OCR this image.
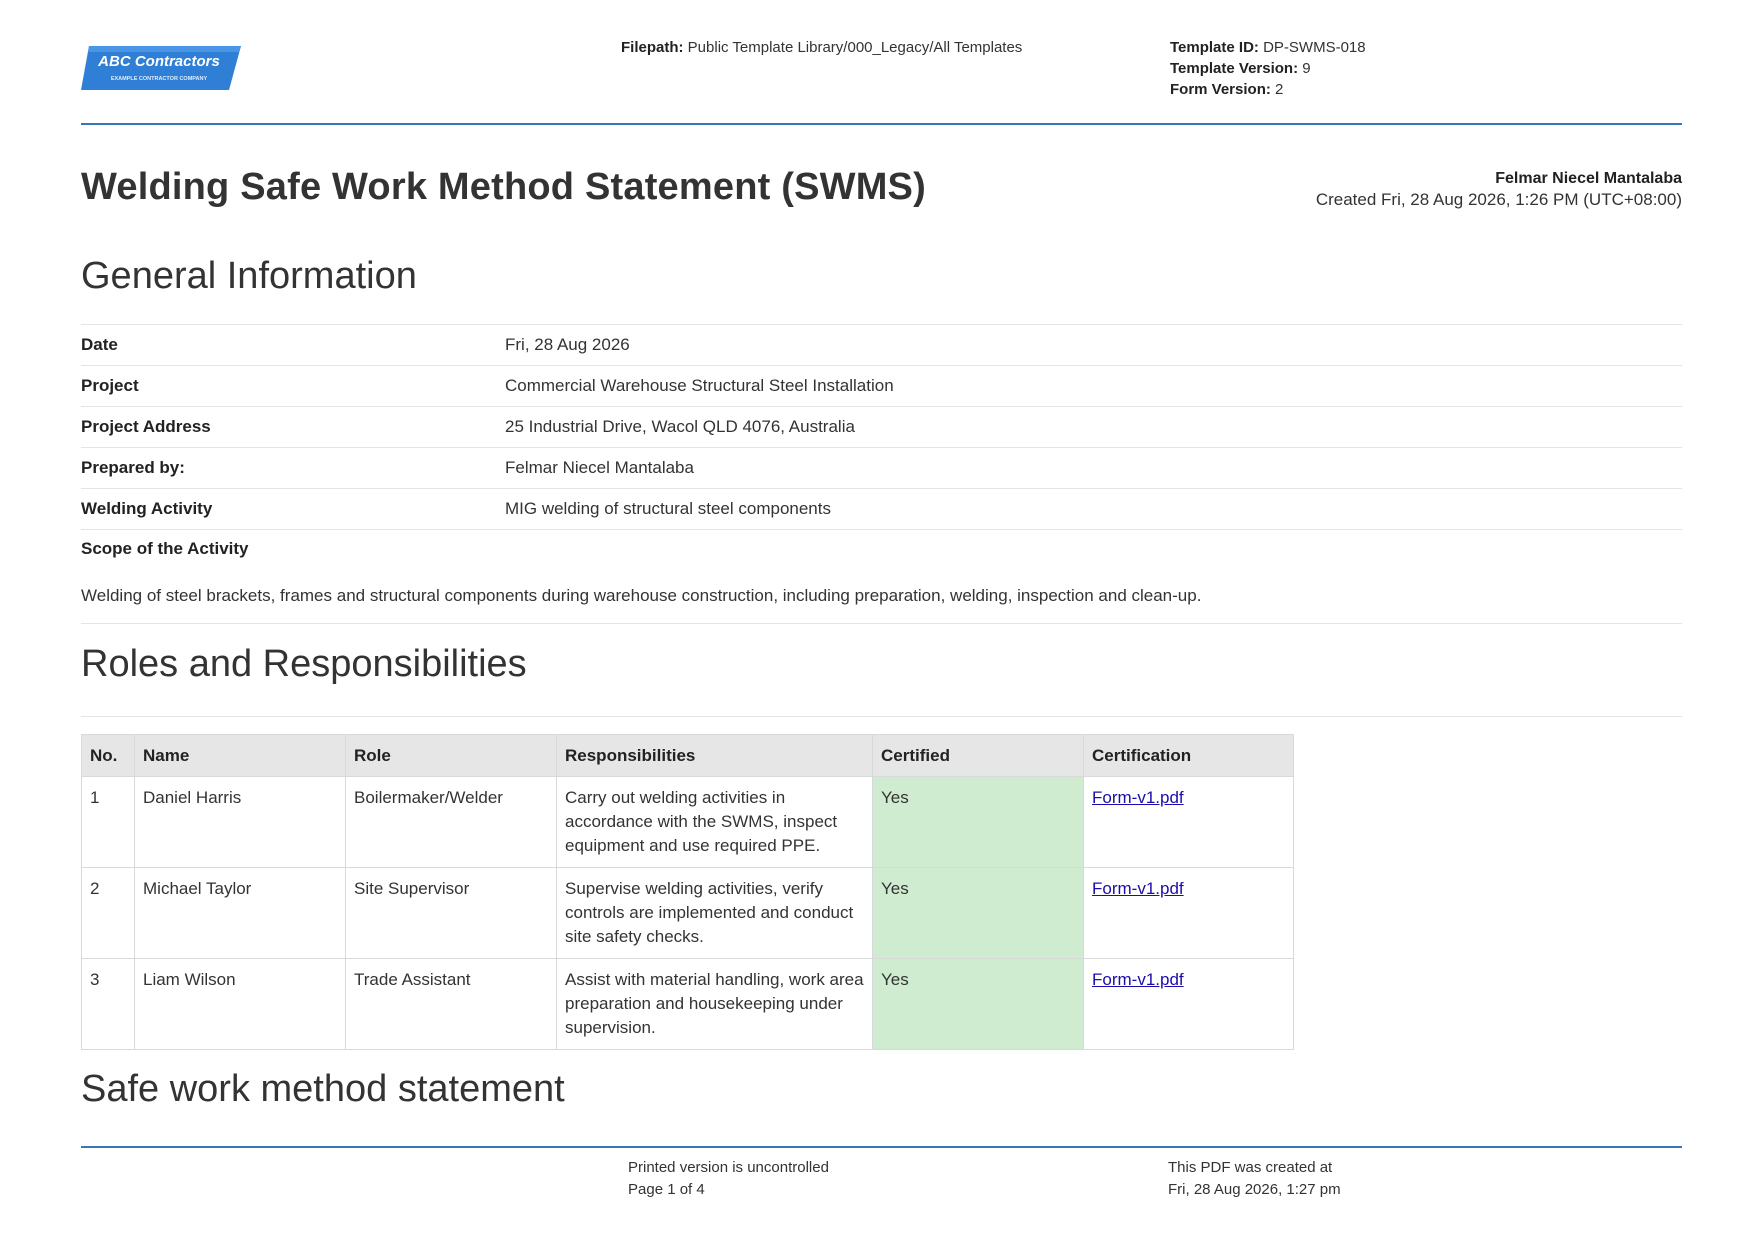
ABC Contractors
EXAMPLE CONTRACTOR COMPANY
Filepath: Public Template Library/000_Legacy/All Templates	Template ID: DP-SWMS-018
Template Version: 9
Form Version: 2
Welding Safe Work Method Statement (SWMS)	Felmar Niecel Mantalaba
Created Fri, 28 Aug 2026, 1:26 PM (UTC+08:00)
General Information
Date	Fri, 28 Aug 2026
Project	Commercial Warehouse Structural Steel Installation
Project Address	25 Industrial Drive, Wacol QLD 4076, Australia
Prepared by:	Felmar Niecel Mantalaba
Welding Activity	MIG welding of structural steel components
Scope of the Activity
Welding of steel brackets, frames and structural components during warehouse construction, including preparation, welding, inspection and clean-up.
Roles and Responsibilities
No.	Name	Role	Responsibilities	Certified	Certification
1	Daniel Harris	Boilermaker/Welder	Carry out welding activities in accordance with the SWMS, inspect equipment and use required PPE.	Yes	Form-v1.pdf
2	Michael Taylor	Site Supervisor	Supervise welding activities, verify controls are implemented and conduct site safety checks.	Yes	Form-v1.pdf
3	Liam Wilson	Trade Assistant	Assist with material handling, work area preparation and housekeeping under supervision.	Yes	Form-v1.pdf
Safe work method statement
Printed version is uncontrolled
Page 1 of 4
This PDF was created at
Fri, 28 Aug 2026, 1:27 pm
